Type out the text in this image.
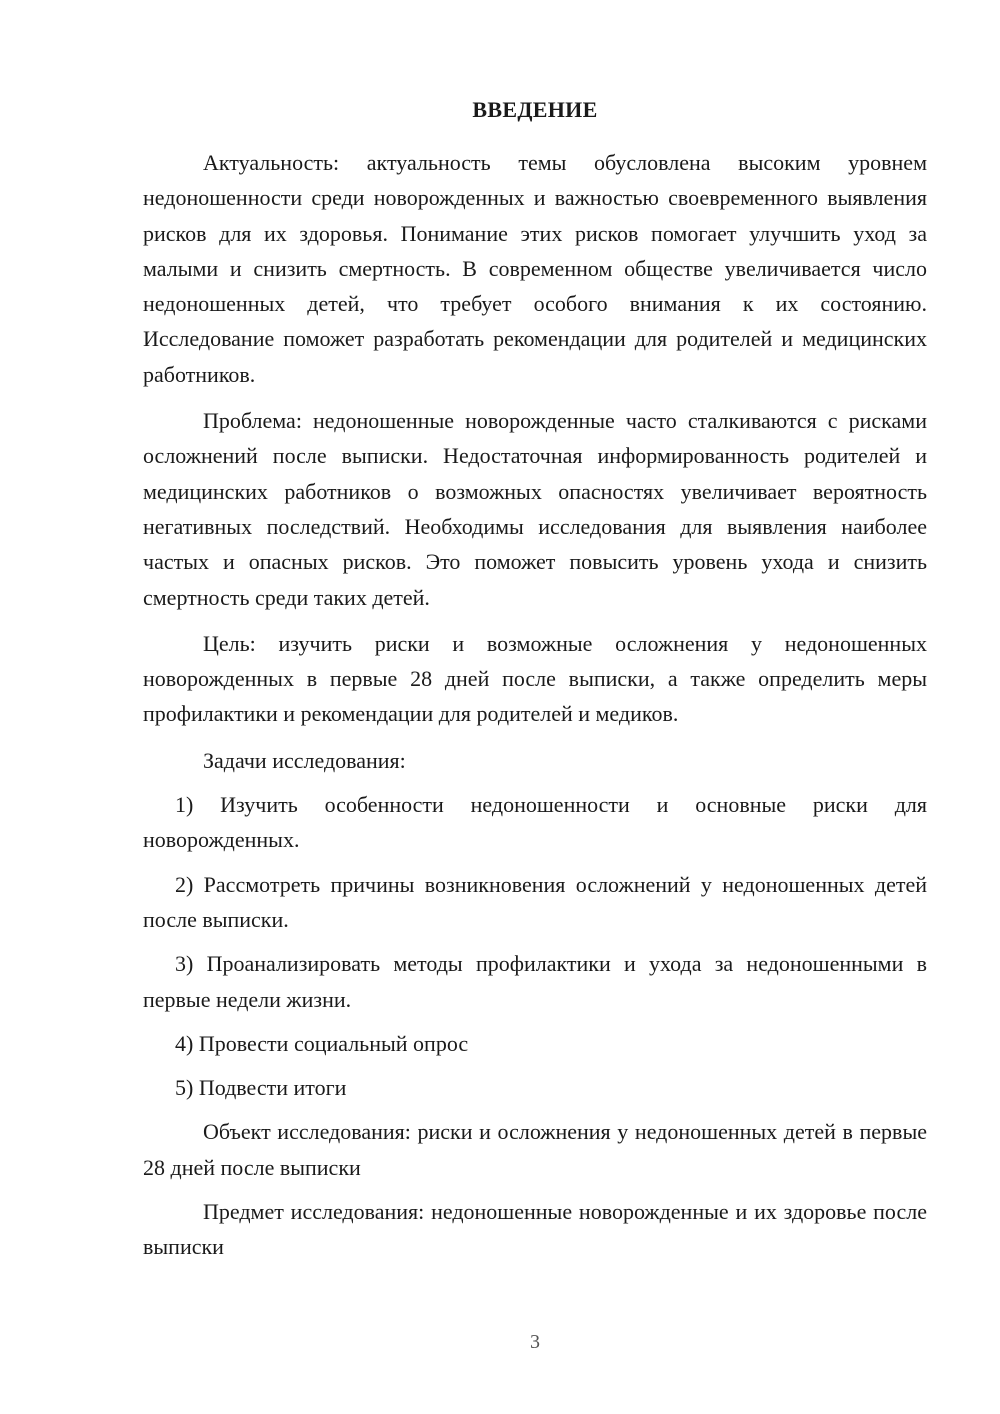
ВВЕДЕНИЕ

Актуальность: актуальность темы обусловлена высоким уровнем недоношенности среди новорожденных и важностью своевременного выявления рисков для их здоровья. Понимание этих рисков помогает улучшить уход за малыми и снизить смертность. В современном обществе увеличивается число недоношенных детей, что требует особого внимания к их состоянию. Исследование поможет разработать рекомендации для родителей и медицинских работников.

Проблема: недоношенные новорожденные часто сталкиваются с рисками осложнений после выписки. Недостаточная информированность родителей и медицинских работников о возможных опасностях увеличивает вероятность негативных последствий. Необходимы исследования для выявления наиболее частых и опасных рисков. Это поможет повысить уровень ухода и снизить смертность среди таких детей.

Цель: изучить риски и возможные осложнения у недоношенных новорожденных в первые 28 дней после выписки, а также определить меры профилактики и рекомендации для родителей и медиков.

Задачи исследования:

1) Изучить особенности недоношенности и основные риски для новорожденных.

2) Рассмотреть причины возникновения осложнений у недоношенных детей после выписки.

3) Проанализировать методы профилактики и ухода за недоношенными в первые недели жизни.

4) Провести социальный опрос

5) Подвести итоги

Объект исследования: риски и осложнения у недоношенных детей в первые 28 дней после выписки

Предмет исследования: недоношенные новорожденные и их здоровье после выписки

3
